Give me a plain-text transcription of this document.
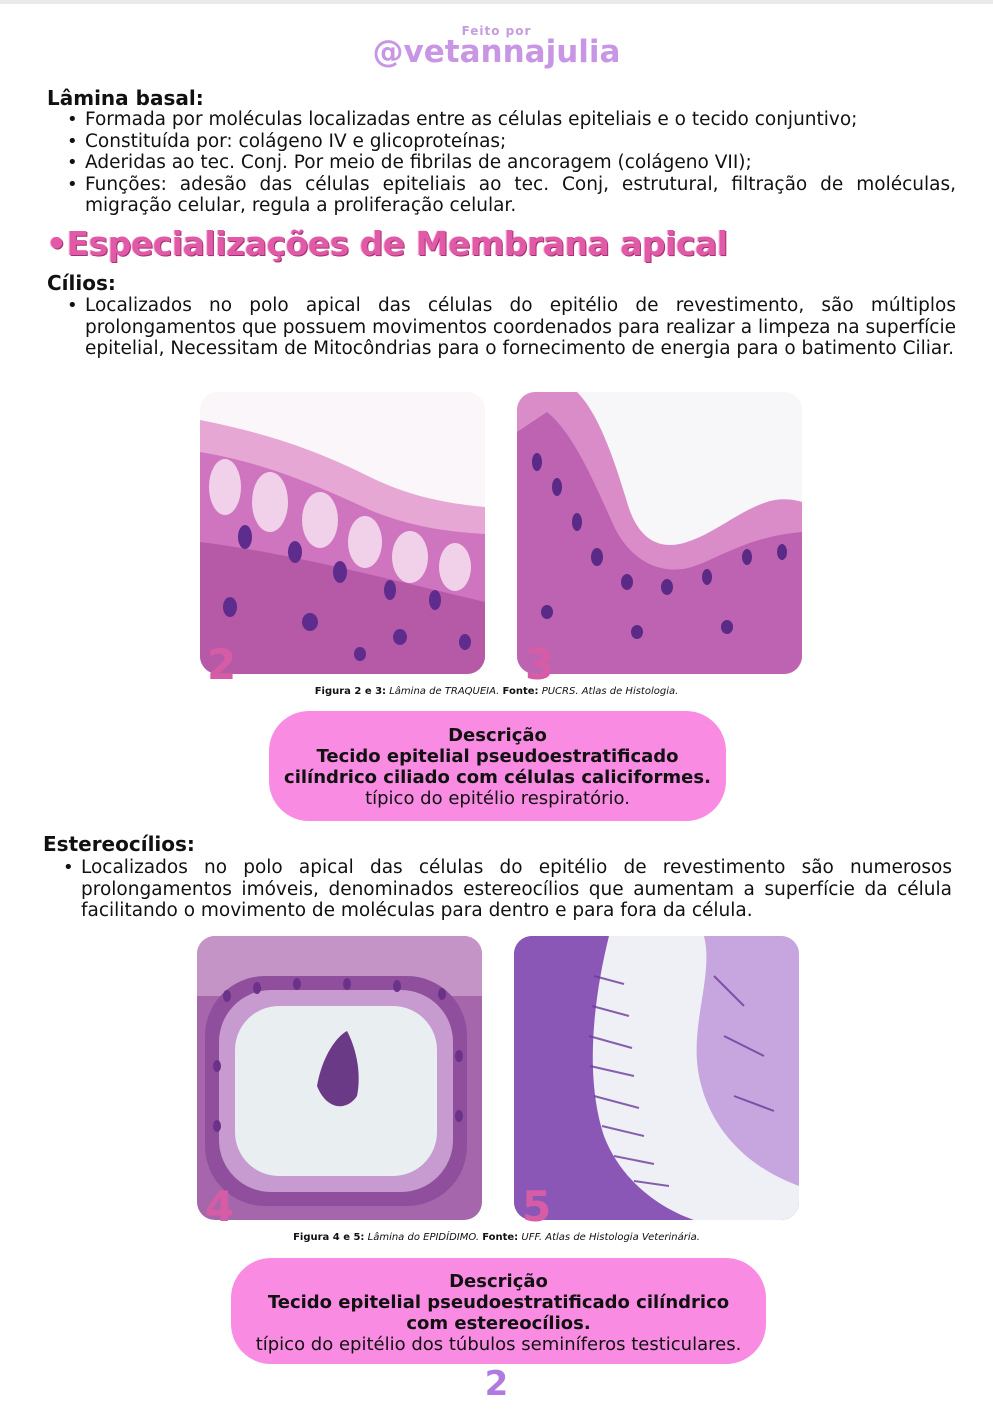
Feito por
@vetannajulia
Lâmina basal:
• Formada por moléculas localizadas entre as células epiteliais e o tecido conjuntivo;
• Constituída por: colágeno IV e glicoproteínas;
• Aderidas ao tec. Conj. Por meio de fibrilas de ancoragem (colágeno VII);
• Funções: adesão das células epiteliais ao tec. Conj, estrutural, filtração de moléculas, migração celular, regula a proliferação celular.
•Especializações de Membrana apical
Cílios:
• Localizados no polo apical das células do epitélio de revestimento, são múltiplos prolongamentos que possuem movimentos coordenados para realizar a limpeza na superfície epitelial, Necessitam de Mitocôndrias para o fornecimento de energia para o batimento Ciliar.
2	3
Figura 2 e 3: Lâmina de TRAQUEIA. Fonte: PUCRS. Atlas de Histologia.
Descrição
Tecido epitelial pseudoestratificado
cilíndrico ciliado com células caliciformes.
típico do epitélio respiratório.
Estereocílios:
• Localizados no polo apical das células do epitélio de revestimento são numerosos prolongamentos imóveis, denominados estereocílios que aumentam a superfície da célula facilitando o movimento de moléculas para dentro e para fora da célula.
4	5
Figura 4 e 5: Lâmina do EPIDÍDIMO. Fonte: UFF. Atlas de Histologia Veterinária.
Descrição
Tecido epitelial pseudoestratificado cilíndrico
com estereocílios.
típico do epitélio dos túbulos seminíferos testiculares.
2
